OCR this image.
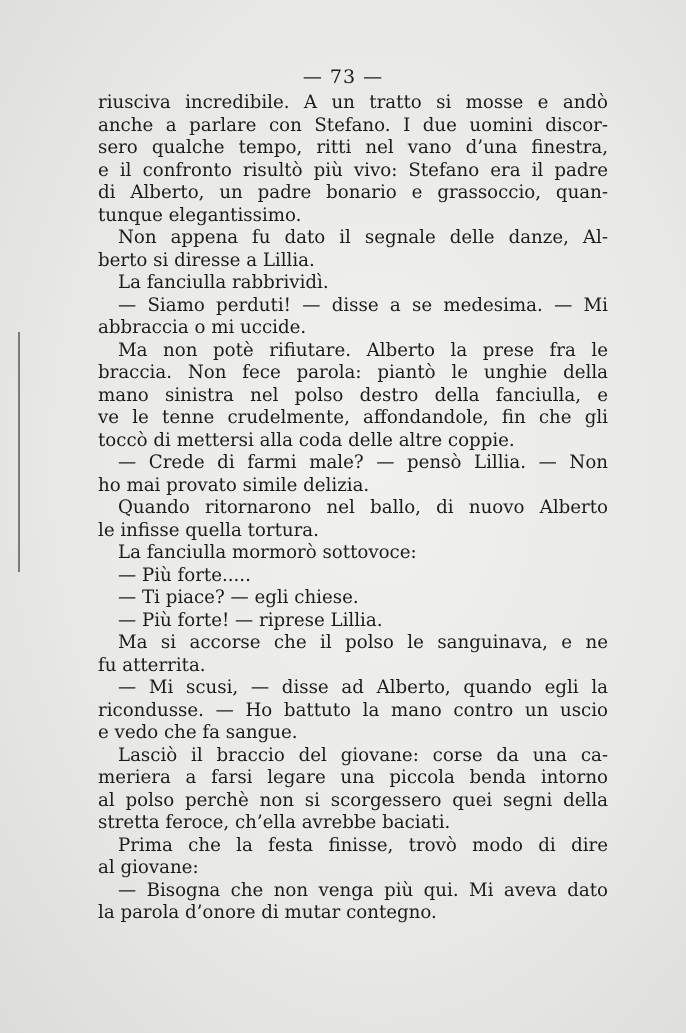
— 73 —
riusciva incredibile. A un tratto si mosse e andò
anche a parlare con Stefano. I due uomini discor-
sero qualche tempo, ritti nel vano d’una finestra,
e il confronto risultò più vivo: Stefano era il padre
di Alberto, un padre bonario e grassoccio, quan-
tunque elegantissimo.
Non appena fu dato il segnale delle danze, Al-
berto si diresse a Lillia.
La fanciulla rabbrividì.
— Siamo perduti! — disse a se medesima. — Mi
abbraccia o mi uccide.
Ma non potè rifiutare. Alberto la prese fra le
braccia. Non fece parola: piantò le unghie della
mano sinistra nel polso destro della fanciulla, e
ve le tenne crudelmente, affondandole, fin che gli
toccò di mettersi alla coda delle altre coppie.
— Crede di farmi male? — pensò Lillia. — Non
ho mai provato simile delizia.
Quando ritornarono nel ballo, di nuovo Alberto
le infisse quella tortura.
La fanciulla mormorò sottovoce:
— Più forte.....
— Ti piace? — egli chiese.
— Più forte! — riprese Lillia.
Ma si accorse che il polso le sanguinava, e ne
fu atterrita.
— Mi scusi, — disse ad Alberto, quando egli la
ricondusse. — Ho battuto la mano contro un uscio
e vedo che fa sangue.
Lasciò il braccio del giovane: corse da una ca-
meriera a farsi legare una piccola benda intorno
al polso perchè non si scorgessero quei segni della
stretta feroce, ch’ella avrebbe baciati.
Prima che la festa finisse, trovò modo di dire
al giovane:
— Bisogna che non venga più qui. Mi aveva dato
la parola d’onore di mutar contegno.
